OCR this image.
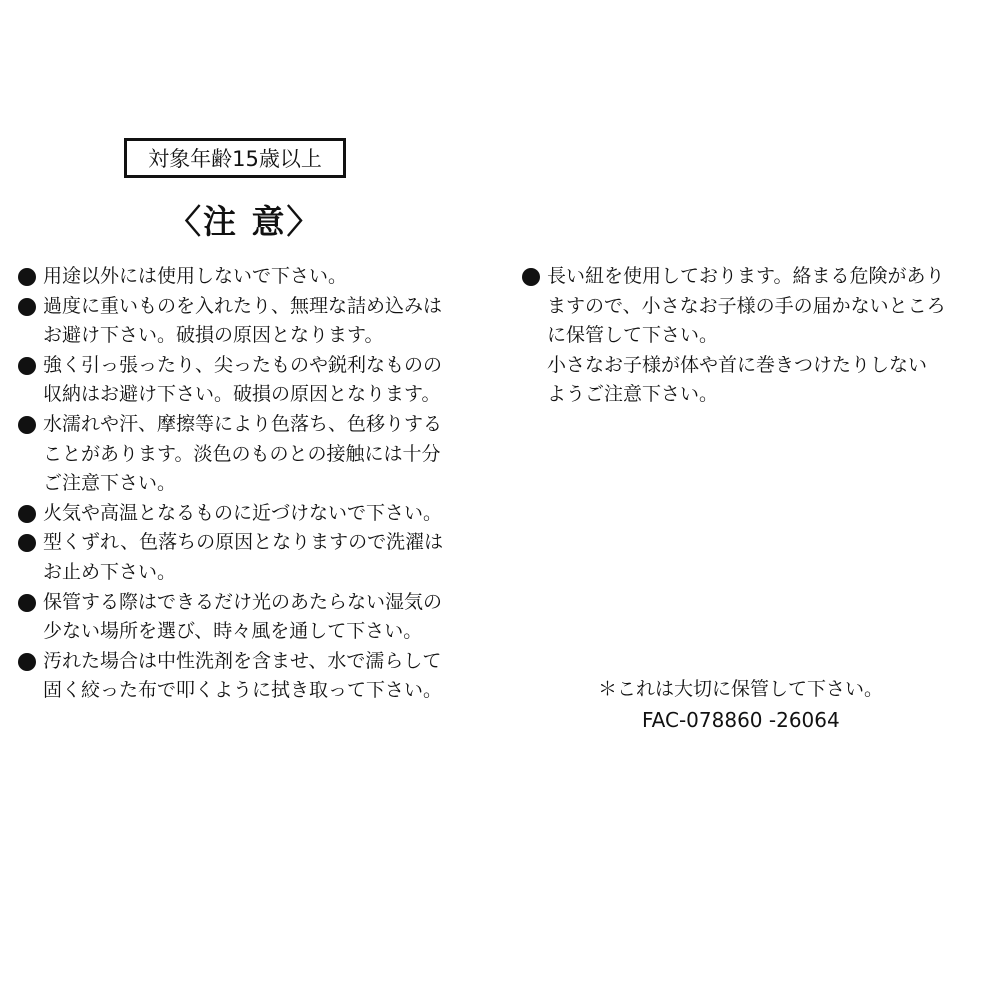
対象年齢15歳以上
〈注 意〉
用途以外には使用しないで下さい。
過度に重いものを入れたり、無理な詰め込みは
お避け下さい。破損の原因となります。
強く引っ張ったり、尖ったものや鋭利なものの
収納はお避け下さい。破損の原因となります。
水濡れや汗、摩擦等により色落ち、色移りする
ことがあります。淡色のものとの接触には十分
ご注意下さい。
火気や高温となるものに近づけないで下さい。
型くずれ、色落ちの原因となりますので洗濯は
お止め下さい。
保管する際はできるだけ光のあたらない湿気の
少ない場所を選び、時々風を通して下さい。
汚れた場合は中性洗剤を含ませ、水で濡らして
固く絞った布で叩くように拭き取って下さい。
長い紐を使用しております。絡まる危険があり
ますので、小さなお子様の手の届かないところ
に保管して下さい。
小さなお子様が体や首に巻きつけたりしない
ようご注意下さい。
＊これは大切に保管して下さい。
FAC-078860 -26064
